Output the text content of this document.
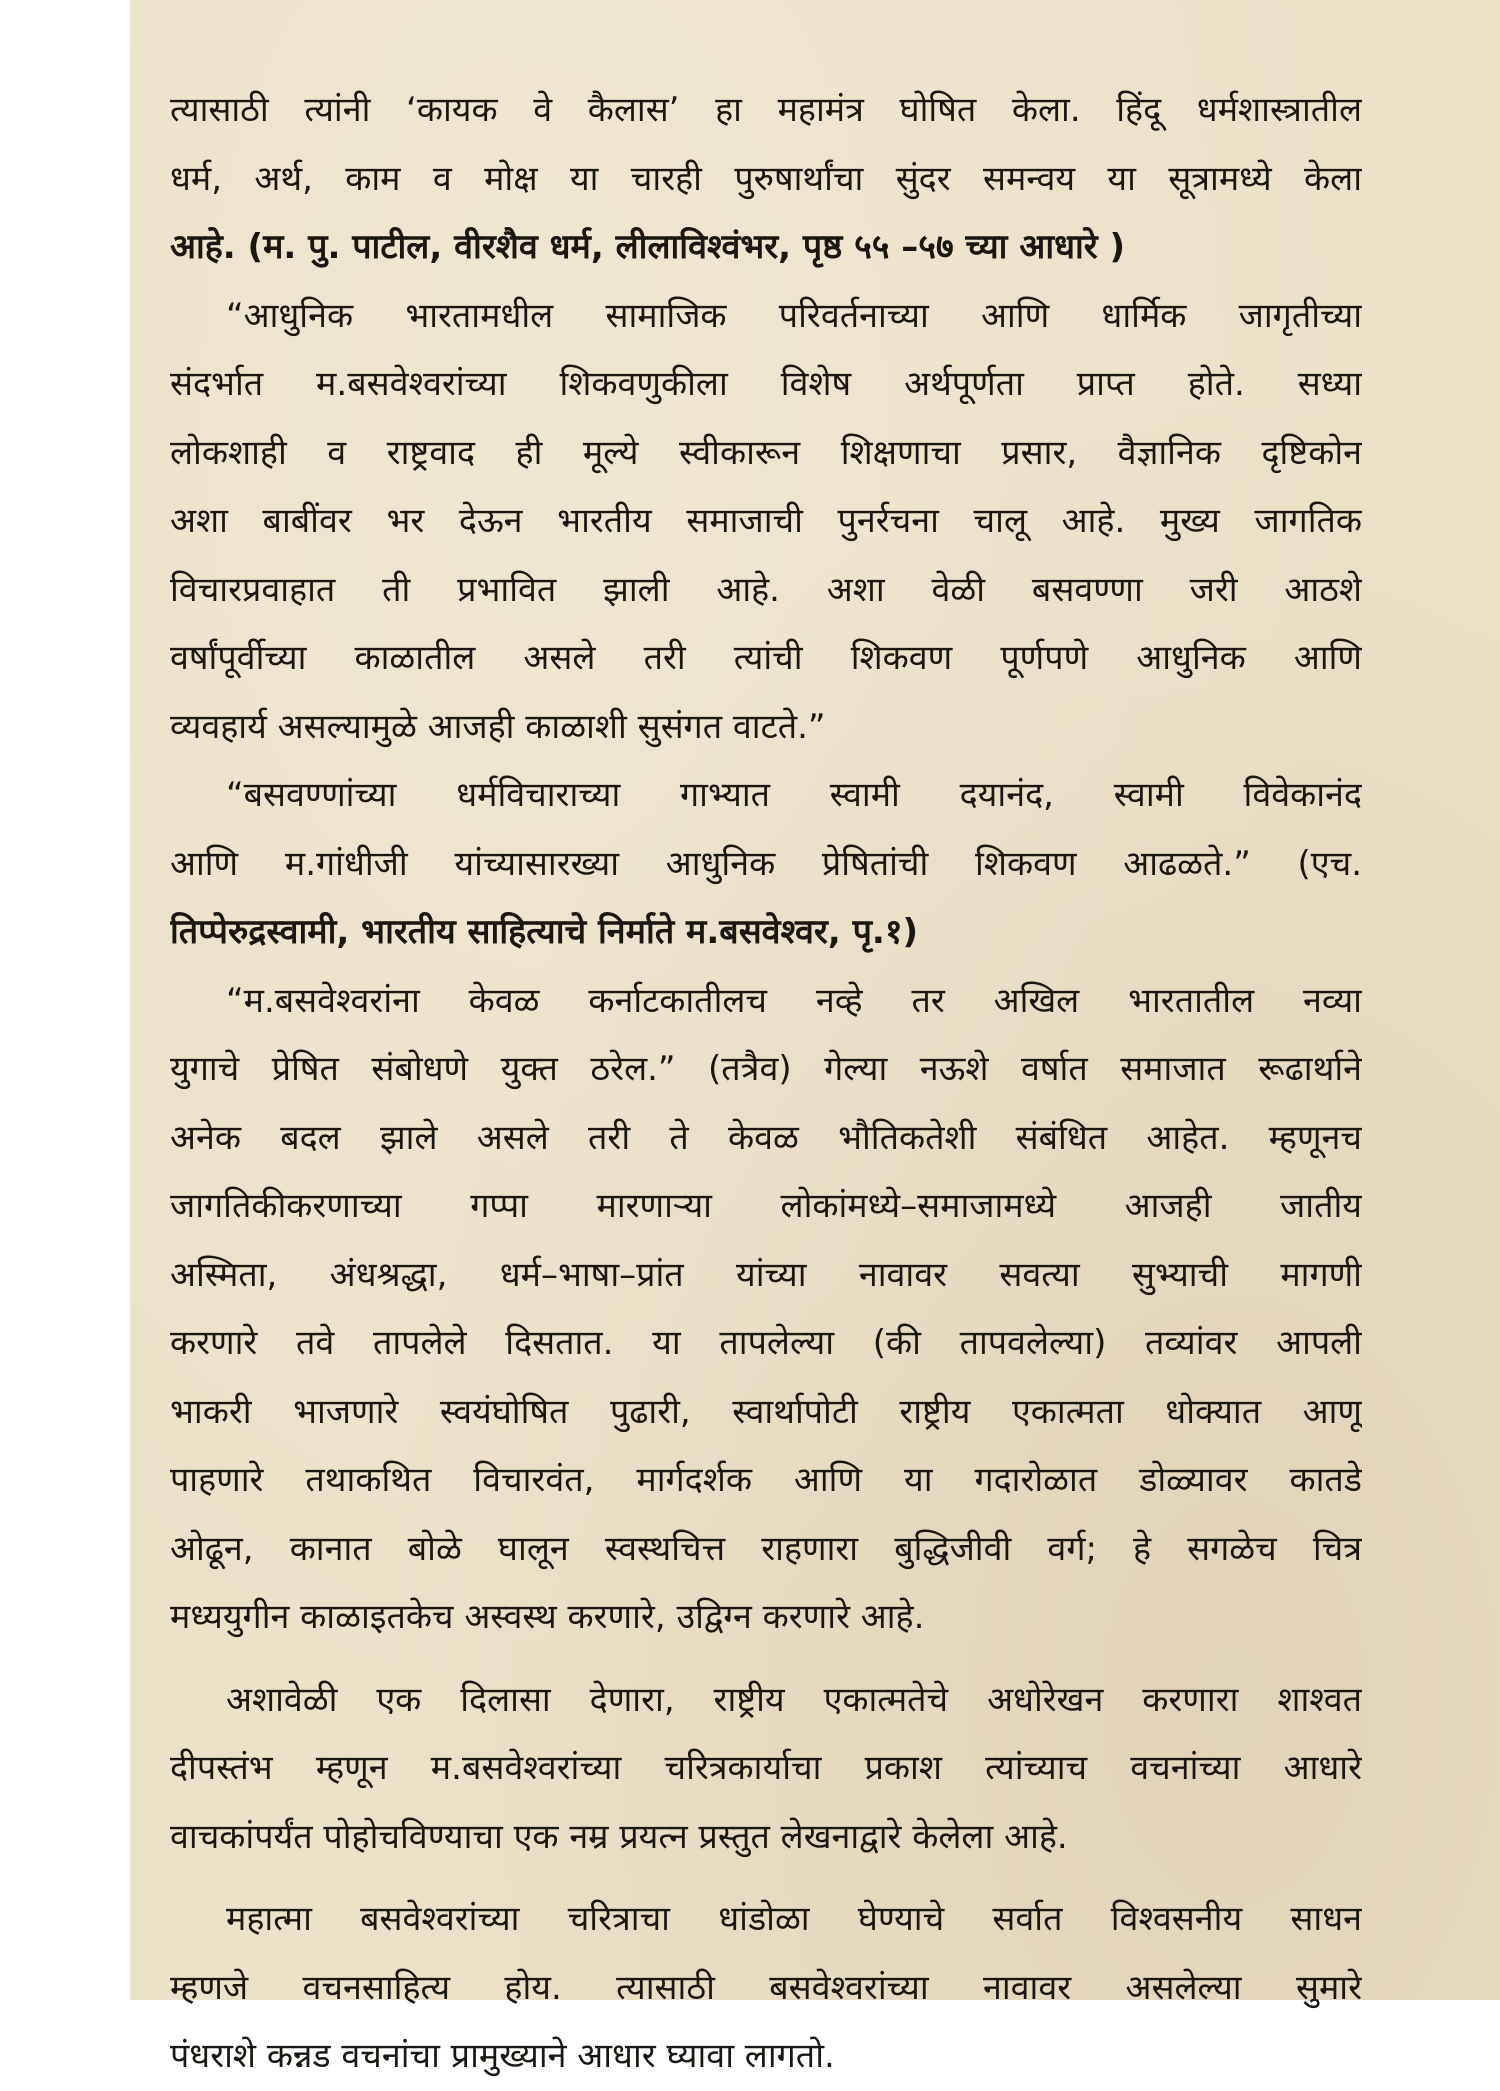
त्यासाठी त्यांनी ‘कायक वे कैलास’ हा महामंत्र घोषित केला. हिंदू धर्मशास्त्रातील
धर्म, अर्थ, काम व मोक्ष या चारही पुरुषार्थांचा सुंदर समन्वय या सूत्रामध्ये केला
आहे. (म. पु. पाटील, वीरशैव धर्म, लीलाविश्वंभर, पृष्ठ ५५ –५७ च्या आधारे )
“आधुनिक भारतामधील सामाजिक परिवर्तनाच्या आणि धार्मिक जागृतीच्या
संदर्भात म.बसवेश्वरांच्या शिकवणुकीला विशेष अर्थपूर्णता प्राप्त होते. सध्या
लोकशाही व राष्ट्रवाद ही मूल्ये स्वीकारून शिक्षणाचा प्रसार, वैज्ञानिक दृष्टिकोन
अशा बाबींवर भर देऊन भारतीय समाजाची पुनर्रचना चालू आहे. मुख्य जागतिक
विचारप्रवाहात ती प्रभावित झाली आहे. अशा वेळी बसवण्णा जरी आठशे
वर्षांपूर्वीच्या काळातील असले तरी त्यांची शिकवण पूर्णपणे आधुनिक आणि
व्यवहार्य असल्यामुळे आजही काळाशी सुसंगत वाटते.”
“बसवण्णांच्या धर्मविचाराच्या गाभ्यात स्वामी दयानंद, स्वामी विवेकानंद
आणि म.गांधीजी यांच्यासारख्या आधुनिक प्रेषितांची शिकवण आढळते.” (एच.
तिप्पेरुद्रस्वामी, भारतीय साहित्याचे निर्माते म.बसवेश्वर, पृ.१)
“म.बसवेश्वरांना केवळ कर्नाटकातीलच नव्हे तर अखिल भारतातील नव्या
युगाचे प्रेषित संबोधणे युक्त ठरेल.” (तत्रैव) गेल्या नऊशे वर्षात समाजात रूढार्थाने
अनेक बदल झाले असले तरी ते केवळ भौतिकतेशी संबंधित आहेत. म्हणूनच
जागतिकीकरणाच्या गप्पा मारणाऱ्या लोकांमध्ये–समाजामध्ये आजही जातीय
अस्मिता, अंधश्रद्धा, धर्म–भाषा–प्रांत यांच्या नावावर सवत्या सुभ्याची मागणी
करणारे तवे तापलेले दिसतात. या तापलेल्या (की तापवलेल्या) तव्यांवर आपली
भाकरी भाजणारे स्वयंघोषित पुढारी, स्वार्थापोटी राष्ट्रीय एकात्मता धोक्यात आणू
पाहणारे तथाकथित विचारवंत, मार्गदर्शक आणि या गदारोळात डोळ्यावर कातडे
ओढून, कानात बोळे घालून स्वस्थचित्त राहणारा बुद्धिजीवी वर्ग; हे सगळेच चित्र
मध्ययुगीन काळाइतकेच अस्वस्थ करणारे, उद्विग्न करणारे आहे.
अशावेळी एक दिलासा देणारा, राष्ट्रीय एकात्मतेचे अधोरेखन करणारा शाश्वत
दीपस्तंभ म्हणून म.बसवेश्वरांच्या चरित्रकार्याचा प्रकाश त्यांच्याच वचनांच्या आधारे
वाचकांपर्यंत पोहोचविण्याचा एक नम्र प्रयत्न प्रस्तुत लेखनाद्वारे केलेला आहे.
महात्मा बसवेश्वरांच्या चरित्राचा धांडोळा घेण्याचे सर्वात विश्वसनीय साधन
म्हणजे वचनसाहित्य होय. त्यासाठी बसवेश्वरांच्या नावावर असलेल्या सुमारे
पंधराशे कन्नड वचनांचा प्रामुख्याने आधार घ्यावा लागतो.
